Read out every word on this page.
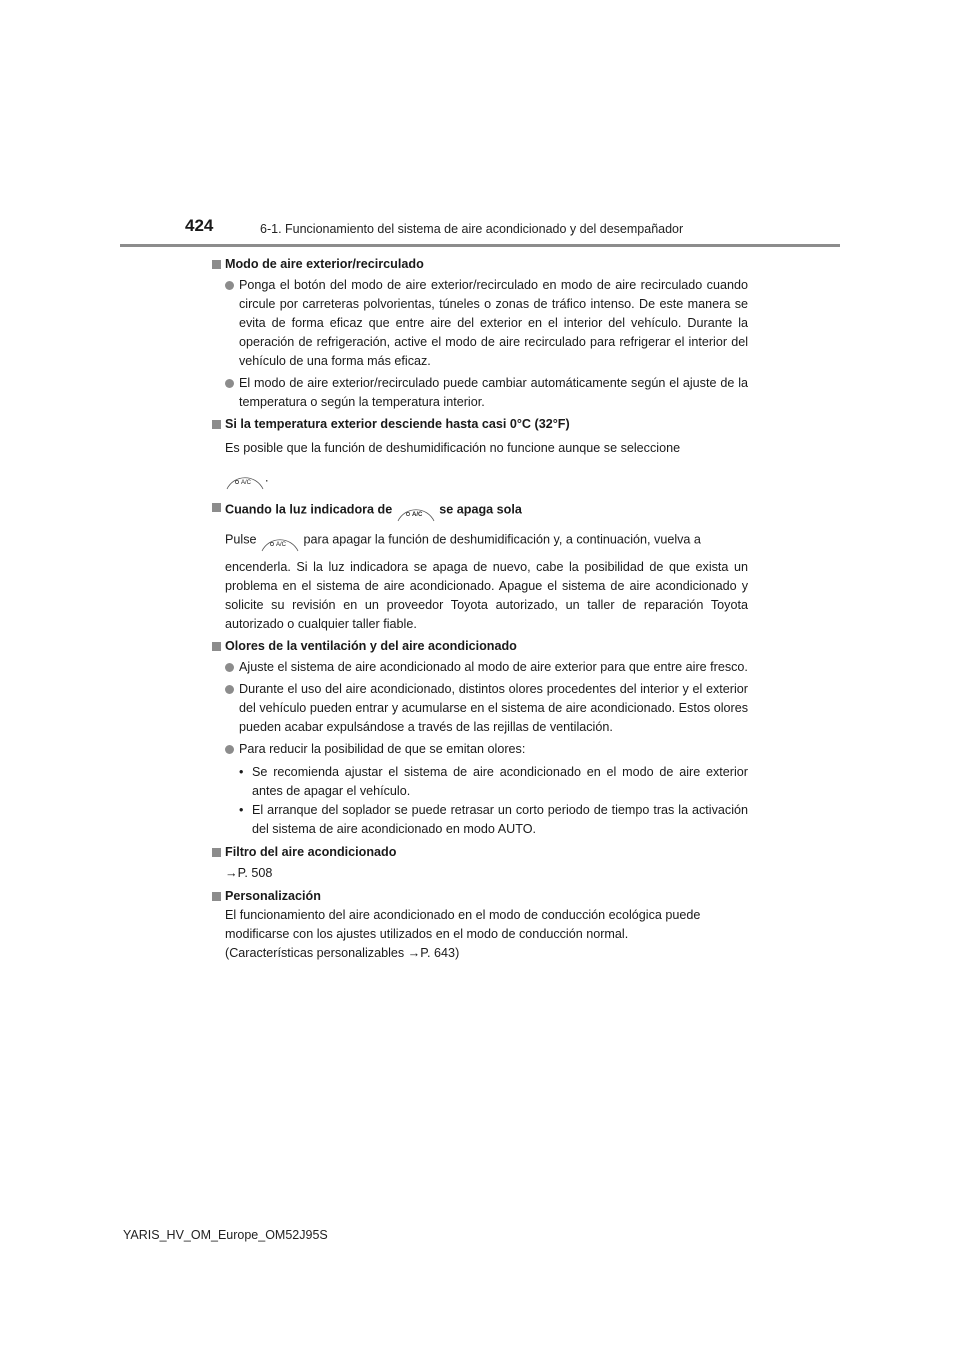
424	6-1. Funcionamiento del sistema de aire acondicionado y del desempañador
Modo de aire exterior/recirculado
Ponga el botón del modo de aire exterior/recirculado en modo de aire recirculado cuando circule por carreteras polvorientas, túneles o zonas de tráfico intenso. De este manera se evita de forma eficaz que entre aire del exterior en el interior del vehículo. Durante la operación de refrigeración, active el modo de aire recirculado para refrigerar el interior del vehículo de una forma más eficaz.
El modo de aire exterior/recirculado puede cambiar automáticamente según el ajuste de la temperatura o según la temperatura interior.
Si la temperatura exterior desciende hasta casi 0°C (32°F)
Es posible que la función de deshumidificación no funcione aunque se seleccione
A/C .
Cuando la luz indicadora de	A/C se apaga sola
Pulse	A/C para apagar la función de deshumidificación y, a continuación, vuelva a
encenderla. Si la luz indicadora se apaga de nuevo, cabe la posibilidad de que exista un problema en el sistema de aire acondicionado. Apague el sistema de aire acondicionado y solicite su revisión en un proveedor Toyota autorizado, un taller de reparación Toyota autorizado o cualquier taller fiable.
Olores de la ventilación y del aire acondicionado
Ajuste el sistema de aire acondicionado al modo de aire exterior para que entre aire fresco.
Durante el uso del aire acondicionado, distintos olores procedentes del interior y el exterior del vehículo pueden entrar y acumularse en el sistema de aire acondicionado. Estos olores pueden acabar expulsándose a través de las rejillas de ventilación.
Para reducir la posibilidad de que se emitan olores:
• Se recomienda ajustar el sistema de aire acondicionado en el modo de aire exterior antes de apagar el vehículo.
• El arranque del soplador se puede retrasar un corto periodo de tiempo tras la activación del sistema de aire acondicionado en modo AUTO.
Filtro del aire acondicionado
→P. 508
Personalización
El funcionamiento del aire acondicionado en el modo de conducción ecológica puede modificarse con los ajustes utilizados en el modo de conducción normal.
(Características personalizables →P. 643)
YARIS_HV_OM_Europe_OM52J95S
